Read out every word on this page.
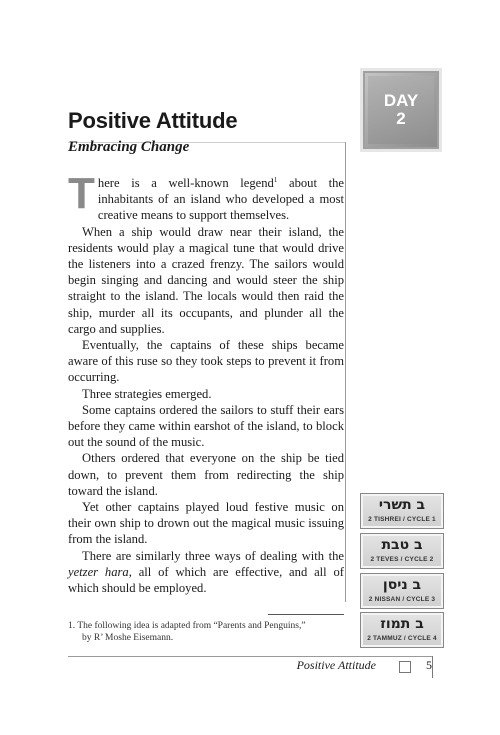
DAY
2
Positive Attitude
Embracing Change

There is a well-known legend$^1$ about the inhabitants of an island who developed a most creative means to support themselves.

When a ship would draw near their island, the residents would play a magical tune that would drive the listeners into a crazed frenzy. The sailors would begin singing and dancing and would steer the ship straight to the island. The locals would then raid the ship, murder all its occupants, and plunder all the cargo and supplies.

Eventually, the captains of these ships became aware of this ruse so they took steps to prevent it from occurring.

Three strategies emerged.

Some captains ordered the sailors to stuff their ears before they came within earshot of the island, to block out the sound of the music.

Others ordered that everyone on the ship be tied down, to prevent them from redirecting the ship toward the island.

Yet other captains played loud festive music on their own ship to drown out the magical music issuing from the island.

There are similarly three ways of dealing with the yetzer hara, all of which are effective, and all of which should be employed.

1. The following idea is adapted from “Parents and Penguins,”
by R’ Moshe Eisemann.
Positive Attitude	5
ב תשרי
2 TISHREI / CYCLE 1
ב טבת
2 TEVES / CYCLE 2
ב ניסן
2 NISSAN / CYCLE 3
ב תמוז
2 TAMMUZ / CYCLE 4
